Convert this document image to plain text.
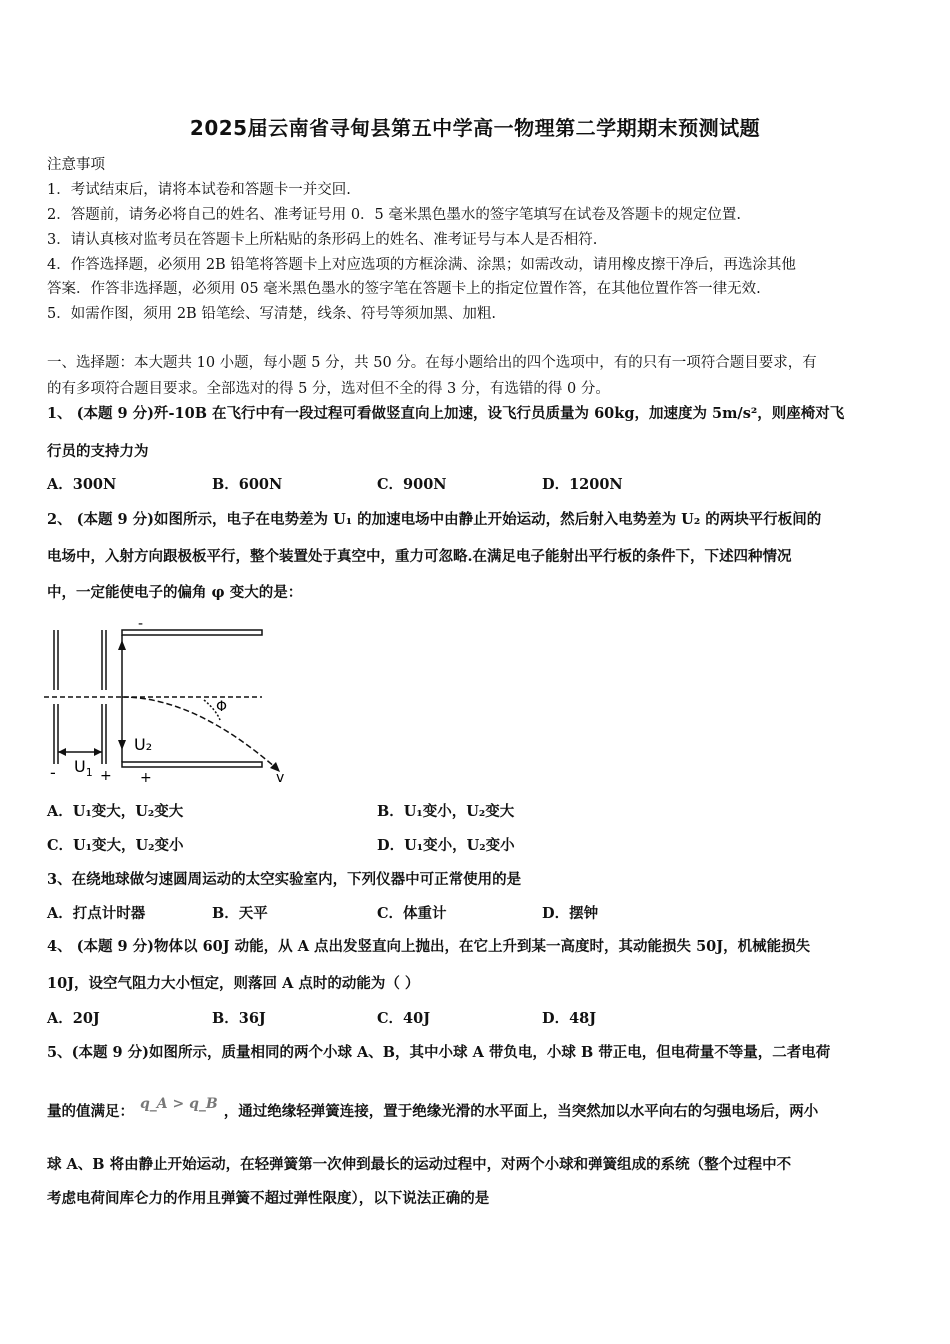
2025届云南省寻甸县第五中学高一物理第二学期期末预测试题
注意事项
1．考试结束后，请将本试卷和答题卡一并交回.
2．答题前，请务必将自己的姓名、准考证号用 0．5 毫米黑色墨水的签字笔填写在试卷及答题卡的规定位置.
3．请认真核对监考员在答题卡上所粘贴的条形码上的姓名、准考证号与本人是否相符.
4．作答选择题，必须用 2B 铅笔将答题卡上对应选项的方框涂满、涂黑；如需改动，请用橡皮擦干净后，再选涂其他
答案．作答非选择题，必须用 05 毫米黑色墨水的签字笔在答题卡上的指定位置作答，在其他位置作答一律无效.
5．如需作图，须用 2B 铅笔绘、写清楚，线条、符号等须加黑、加粗.
一、选择题：本大题共 10 小题，每小题 5 分，共 50 分。在每小题给出的四个选项中，有的只有一项符合题目要求，有
的有多项符合题目要求。全部选对的得 5 分，选对但不全的得 3 分，有选错的得 0 分。
1、 (本题 9 分)歼-10B 在飞行中有一段过程可看做竖直向上加速，设飞行员质量为 60kg，加速度为 5m/s²，则座椅对飞
行员的支持力为
A．300N	B．600N	C．900N	D．1200N
2、 (本题 9 分)如图所示，电子在电势差为 U₁ 的加速电场中由静止开始运动，然后射入电势差为 U₂ 的两块平行板间的
电场中，入射方向跟极板平行，整个装置处于真空中，重力可忽略.在满足电子能射出平行板的条件下，下述四种情况
中，一定能使电子的偏角 φ 变大的是：
-
Φ
U₂
$U_1$
-	+ +	v
A．U₁变大，U₂变大	B．U₁变小，U₂变大
C．U₁变大，U₂变小	D．U₁变小，U₂变小
3、在绕地球做匀速圆周运动的太空实验室内，下列仪器中可正常使用的是
A．打点计时器	B．天平	C．体重计	D．摆钟
4、 (本题 9 分)物体以 60J 动能，从 A 点出发竖直向上抛出，在它上升到某一高度时，其动能损失 50J，机械能损失
10J，设空气阻力大小恒定，则落回 A 点时的动能为（ ）
A．20J	B．36J	C．40J	D．48J
5、(本题 9 分)如图所示，质量相同的两个小球 A、B，其中小球 A 带负电，小球 B 带正电，但电荷量不等量，二者电荷
量的值满足： q_A > q_B ，通过绝缘轻弹簧连接，置于绝缘光滑的水平面上，当突然加以水平向右的匀强电场后，两小
球 A、B 将由静止开始运动，在轻弹簧第一次伸到最长的运动过程中，对两个小球和弹簧组成的系统（整个过程中不
考虑电荷间库仑力的作用且弹簧不超过弹性限度），以下说法正确的是
